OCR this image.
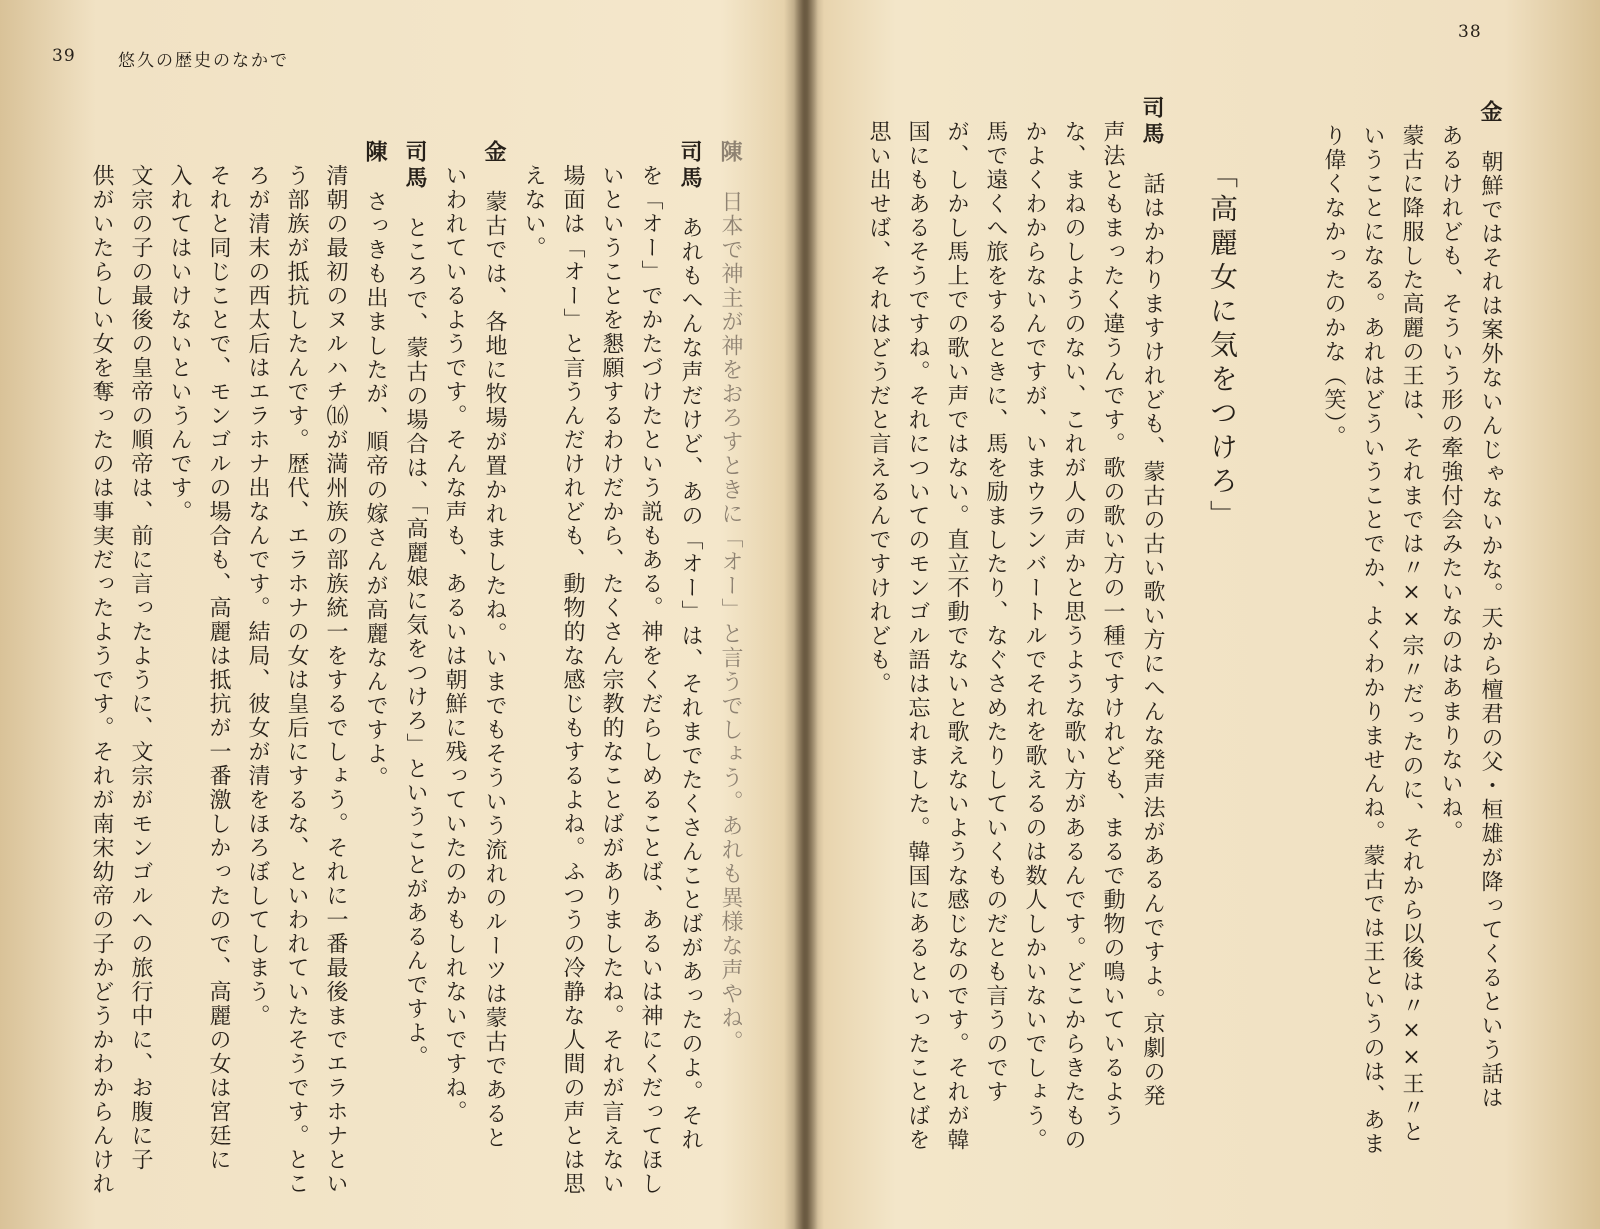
39 悠久の歴史のなかで

陳　日本で神主が神をおろすときに「オー」と言うでしょう。あれも異様な声やね。

司馬　あれもへんな声だけど、あの「オー」は、それまでたくさんことばがあったのよ。それ

　を「オー」でかたづけたという説もある。神をくだらしめることば、あるいは神にくだってほし

　いということを懇願するわけだから、たくさん宗教的なことばがありましたね。それが言えない

　場面は「オー」と言うんだけれども、動物的な感じもするよね。ふつうの冷静な人間の声とは思

　えない。

金　蒙古では、各地に牧場が置かれましたね。いまでもそういう流れのルーツは蒙古であると

　いわれているようです。そんな声も、あるいは朝鮮に残っていたのかもしれないですね。

司馬　ところで、蒙古の場合は、「高麗娘に気をつけろ」ということがあるんですよ。

陳　さっきも出ましたが、順帝の嫁さんが高麗なんですよ。

　清朝の最初のヌルハチ⒃が満州族の部族統一をするでしょう。それに一番最後までエラホナとい

　う部族が抵抗したんです。歴代、エラホナの女は皇后にするな、といわれていたそうです。とこ

　ろが清末の西太后はエラホナ出なんです。結局、彼女が清をほろぼしてしまう。

　それと同じことで、モンゴルの場合も、高麗は抵抗が一番激しかったので、高麗の女は宮廷に

　入れてはいけないというんです。

　文宗の子の最後の皇帝の順帝は、前に言ったように、文宗がモンゴルへの旅行中に、お腹に子

　供がいたらしい女を奪ったのは事実だったようです。それが南宋幼帝の子かどうかわからんけれ

38

金　朝鮮ではそれは案外ないんじゃないかな。天から檀君の父・桓雄が降ってくるという話は

　あるけれども、そういう形の牽強付会みたいなのはあまりないね。

　蒙古に降服した高麗の王は、それまでは〃××宗〃だったのに、それから以後は〃××王〃と

　いうことになる。あれはどういうことでか、よくわかりませんね。蒙古では王というのは、あま

　り偉くなかったのかな（笑）。

「高麗女に気をつけろ」

司馬　話はかわりますけれども、蒙古の古い歌い方にへんな発声法があるんですよ。京劇の発

　声法ともまったく違うんです。歌の歌い方の一種ですけれども、まるで動物の鳴いているよう

　な、まねのしようのない、これが人の声かと思うような歌い方があるんです。どこからきたもの

　かよくわからないんですが、いまウランバートルでそれを歌えるのは数人しかいないでしょう。

　馬で遠くへ旅をするときに、馬を励ましたり、なぐさめたりしていくものだとも言うのです

　が、しかし馬上での歌い声ではない。直立不動でないと歌えないような感じなのです。それが韓

　国にもあるそうですね。それについてのモンゴル語は忘れました。韓国にあるといったことばを

　思い出せば、それはどうだと言えるんですけれども。
